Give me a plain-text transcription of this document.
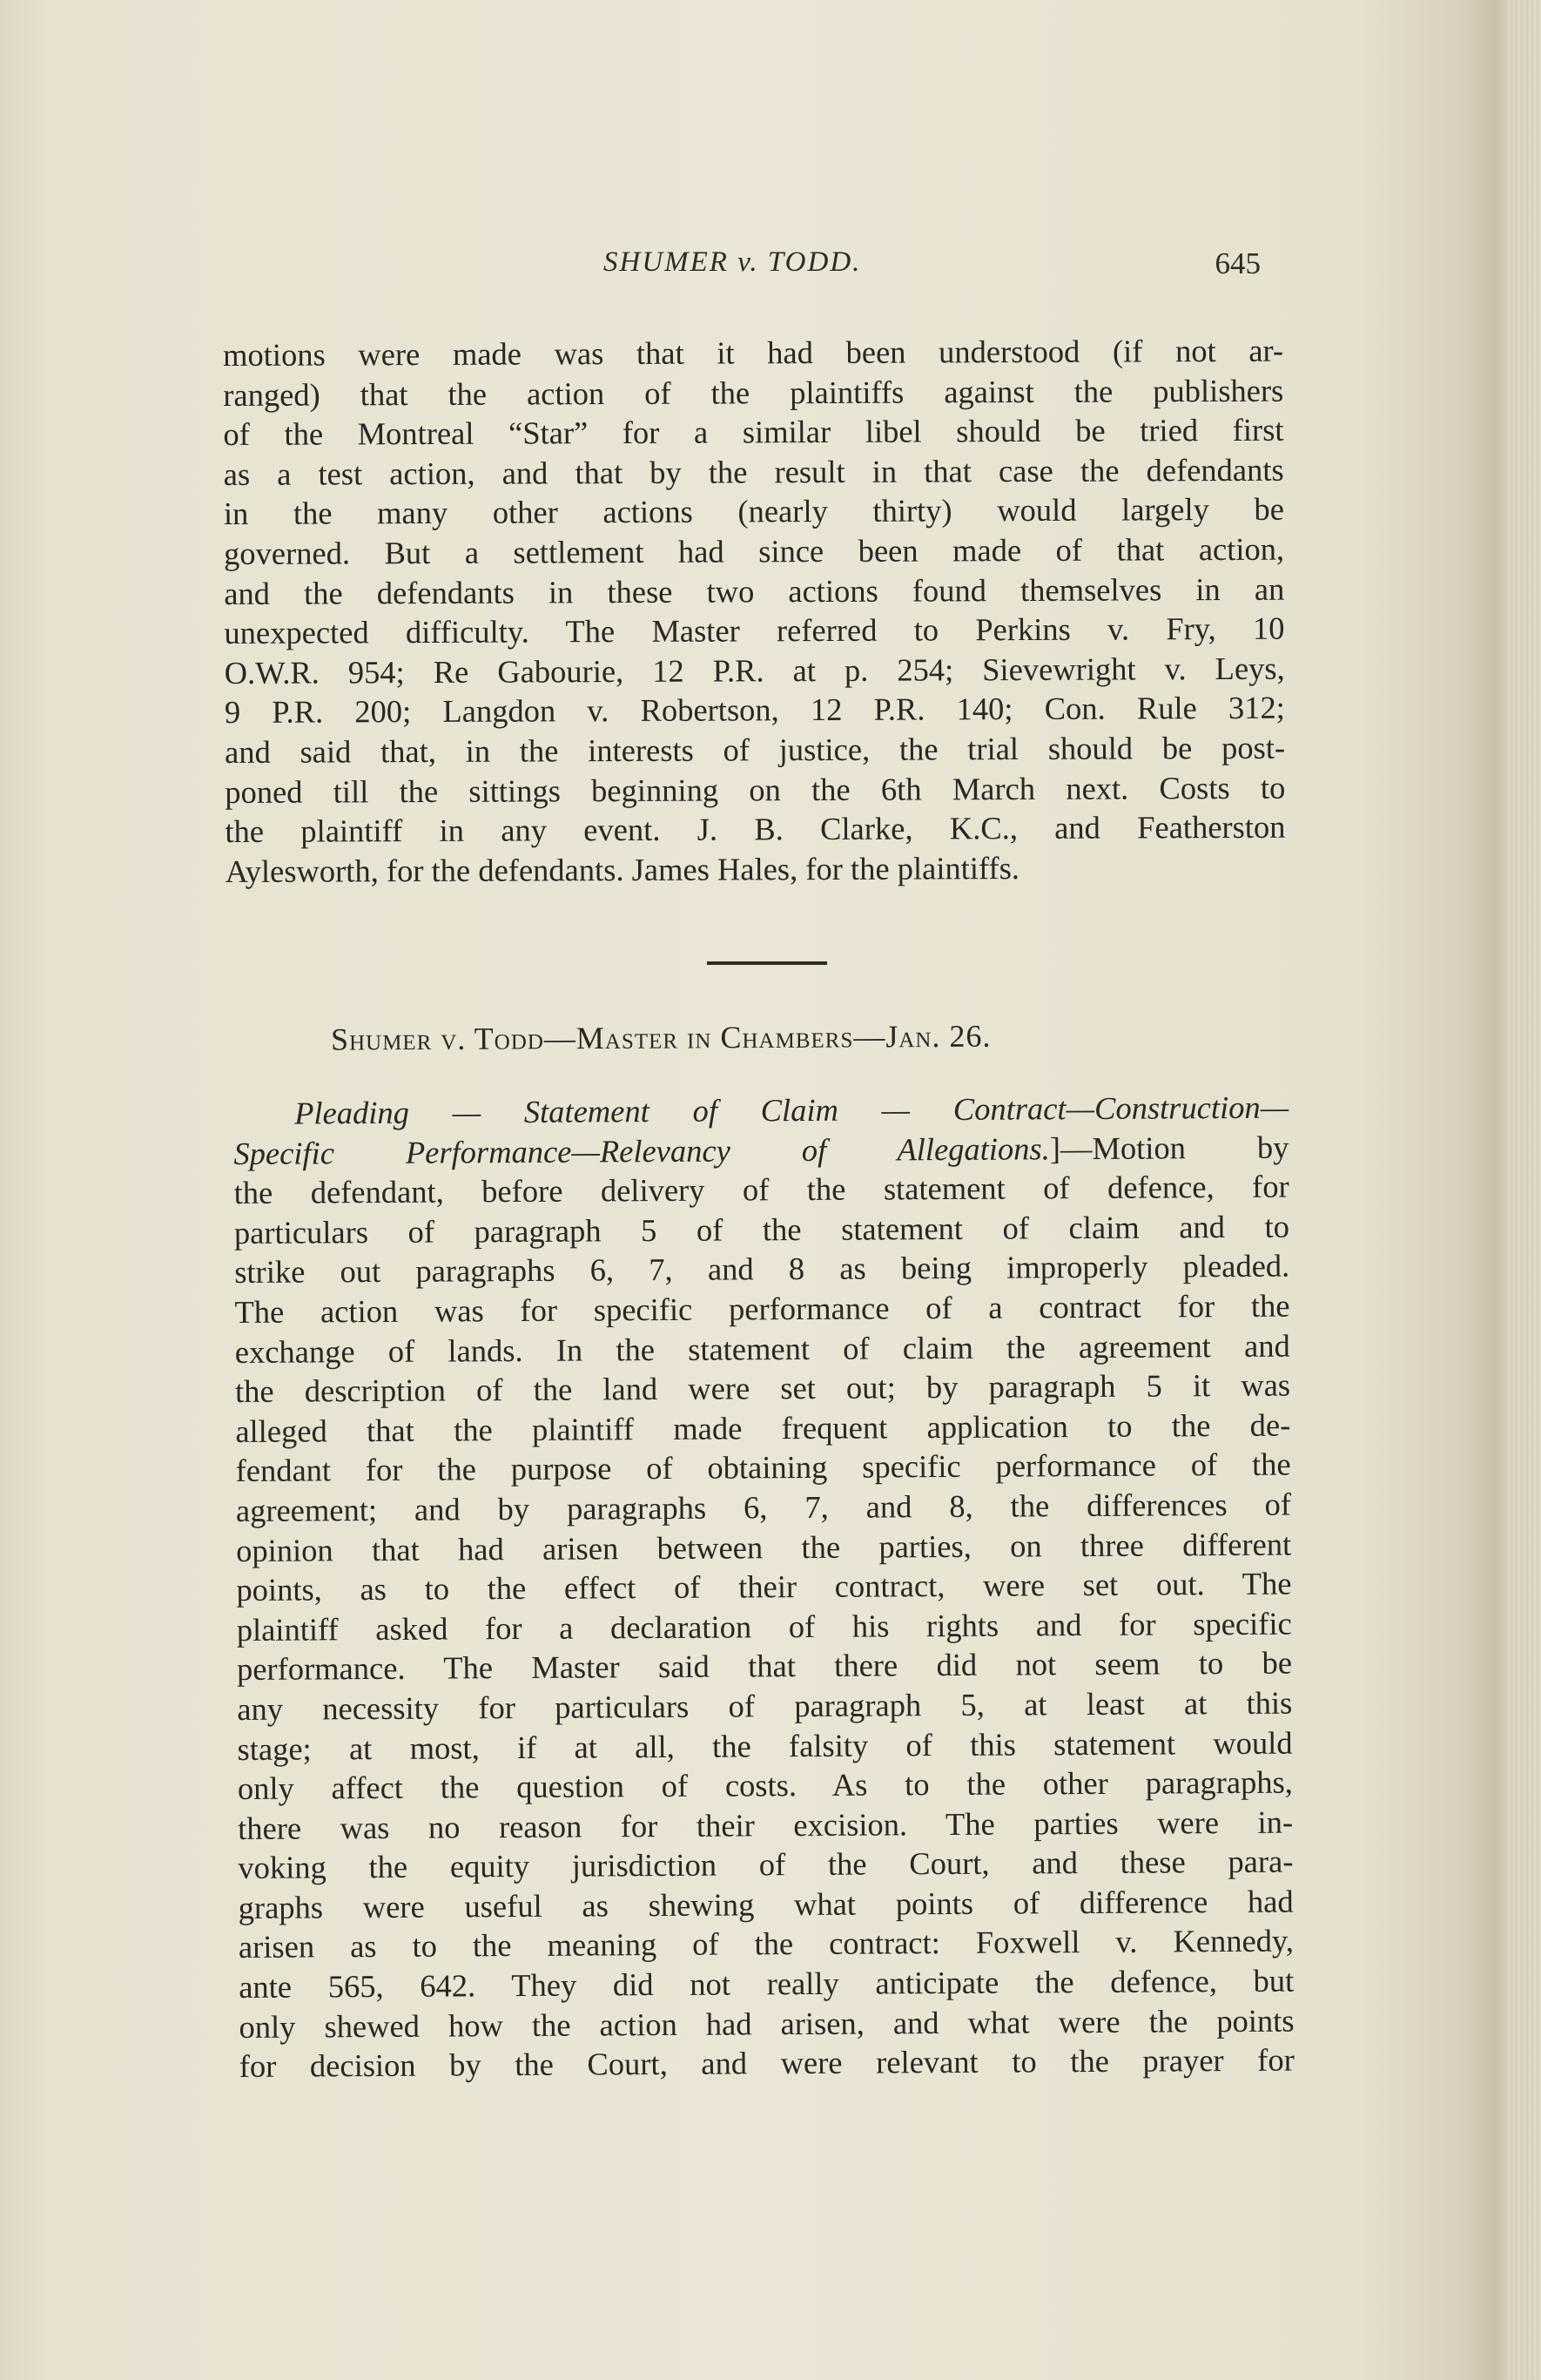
SHUMER v. TODD.	645
motions were made was that it had been understood (if not ar-
ranged) that the action of the plaintiffs against the publishers
of the Montreal “Star” for a similar libel should be tried first
as a test action, and that by the result in that case the defendants
in the many other actions (nearly thirty) would largely be
governed. But a settlement had since been made of that action,
and the defendants in these two actions found themselves in an
unexpected difficulty. The Master referred to Perkins v. Fry, 10
O.W.R. 954; Re Gabourie, 12 P.R. at p. 254; Sievewright v. Leys,
9 P.R. 200; Langdon v. Robertson, 12 P.R. 140; Con. Rule 312;
and said that, in the interests of justice, the trial should be post-
poned till the sittings beginning on the 6th March next. Costs to
the plaintiff in any event. J. B. Clarke, K.C., and Featherston
Aylesworth, for the defendants. James Hales, for the plaintiffs.
Shumer v. Todd—Master in Chambers—Jan. 26.
Pleading — Statement of Claim — Contract—Construction—
Specific Performance—Relevancy of Allegations.]—Motion by
the defendant, before delivery of the statement of defence, for
particulars of paragraph 5 of the statement of claim and to
strike out paragraphs 6, 7, and 8 as being improperly pleaded.
The action was for specific performance of a contract for the
exchange of lands. In the statement of claim the agreement and
the description of the land were set out; by paragraph 5 it was
alleged that the plaintiff made frequent application to the de-
fendant for the purpose of obtaining specific performance of the
agreement; and by paragraphs 6, 7, and 8, the differences of
opinion that had arisen between the parties, on three different
points, as to the effect of their contract, were set out. The
plaintiff asked for a declaration of his rights and for specific
performance. The Master said that there did not seem to be
any necessity for particulars of paragraph 5, at least at this
stage; at most, if at all, the falsity of this statement would
only affect the question of costs. As to the other paragraphs,
there was no reason for their excision. The parties were in-
voking the equity jurisdiction of the Court, and these para-
graphs were useful as shewing what points of difference had
arisen as to the meaning of the contract: Foxwell v. Kennedy,
ante 565, 642. They did not really anticipate the defence, but
only shewed how the action had arisen, and what were the points
for decision by the Court, and were relevant to the prayer for
